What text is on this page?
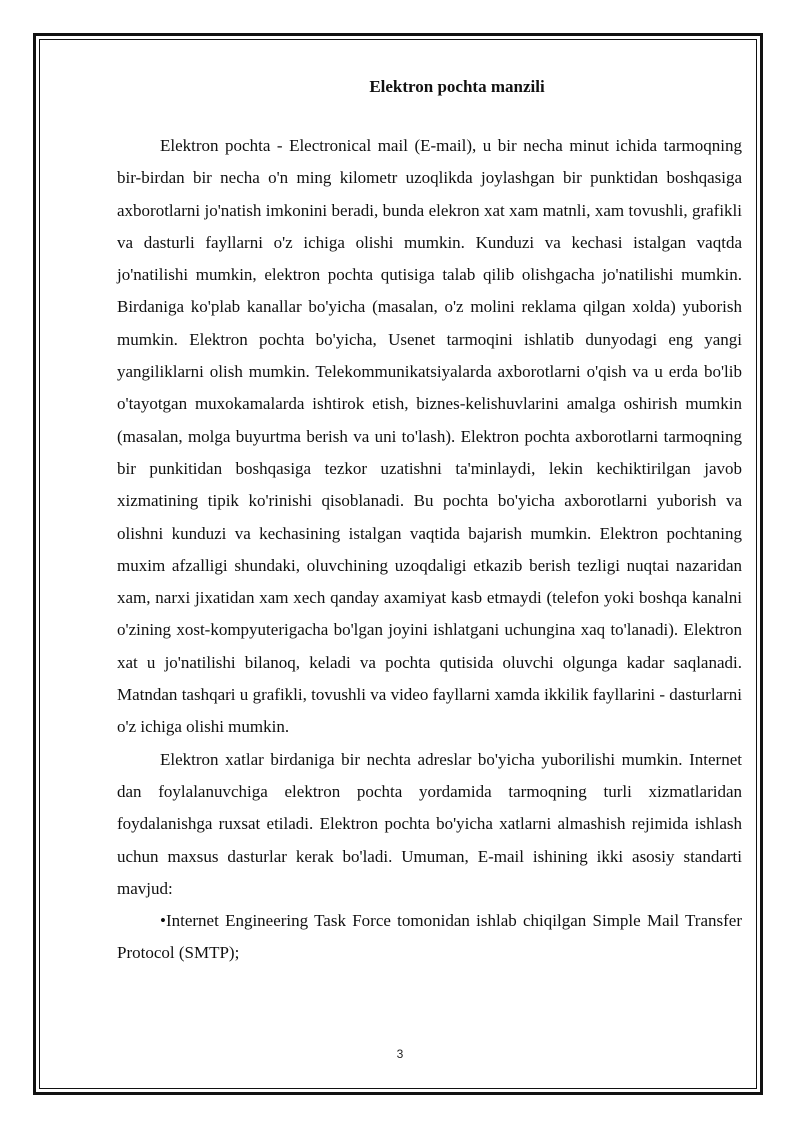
Elektron pochta manzili

Elektron pochta - Electronical mail (E-mail), u bir necha minut ichida tarmoqning bir-birdan bir necha o'n ming kilometr uzoqlikda joylashgan bir punktidan boshqasiga axborotlarni jo'natish imkonini beradi, bunda elekron xat xam matnli, xam tovushli, grafikli va dasturli fayllarni o'z ichiga olishi mumkin. Kunduzi va kechasi istalgan vaqtda jo'natilishi mumkin, elektron pochta qutisiga talab qilib olishgacha jo'natilishi mumkin. Birdaniga ko'plab kanallar bo'yicha (masalan, o'z molini reklama qilgan xolda) yuborish mumkin. Elektron pochta bo'yicha, Usenet tarmoqini ishlatib dunyodagi eng yangi yangiliklarni olish mumkin. Telekommunikatsiyalarda axborotlarni o'qish va u erda bo'lib o'tayotgan muxokamalarda ishtirok etish, biznes-kelishuvlarini amalga oshirish mumkin (masalan, molga buyurtma berish va uni to'lash). Elektron pochta axborotlarni tarmoqning bir punkitidan boshqasiga tezkor uzatishni ta'minlaydi, lekin kechiktirilgan javob xizmatining tipik ko'rinishi qisoblanadi. Bu pochta bo'yicha axborotlarni yuborish va olishni kunduzi va kechasining istalgan vaqtida bajarish mumkin. Elektron pochtaning muxim afzalligi shundaki, oluvchining uzoqdaligi etkazib berish tezligi nuqtai nazaridan xam, narxi jixatidan xam xech qanday axamiyat kasb etmaydi (telefon yoki boshqa kanalni o'zining xost-kompyuterigacha bo'lgan joyini ishlatgani uchungina xaq to'lanadi). Elektron xat u jo'natilishi bilanoq, keladi va pochta qutisida oluvchi olgunga kadar saqlanadi. Matndan tashqari u grafikli, tovushli va video fayllarni xamda ikkilik fayllarini - dasturlarni o'z ichiga olishi mumkin.

Elektron xatlar birdaniga bir nechta adreslar bo'yicha yuborilishi mumkin. Internet dan foylalanuvchiga elektron pochta yordamida tarmoqning turli xizmatlaridan foydalanishga ruxsat etiladi. Elektron pochta bo'yicha xatlarni almashish rejimida ishlash uchun maxsus dasturlar kerak bo'ladi. Umuman, E-mail ishining ikki asosiy standarti mavjud:

•Internet Engineering Task Force tomonidan ishlab chiqilgan Simple Mail Transfer Protocol (SMTP);

3
